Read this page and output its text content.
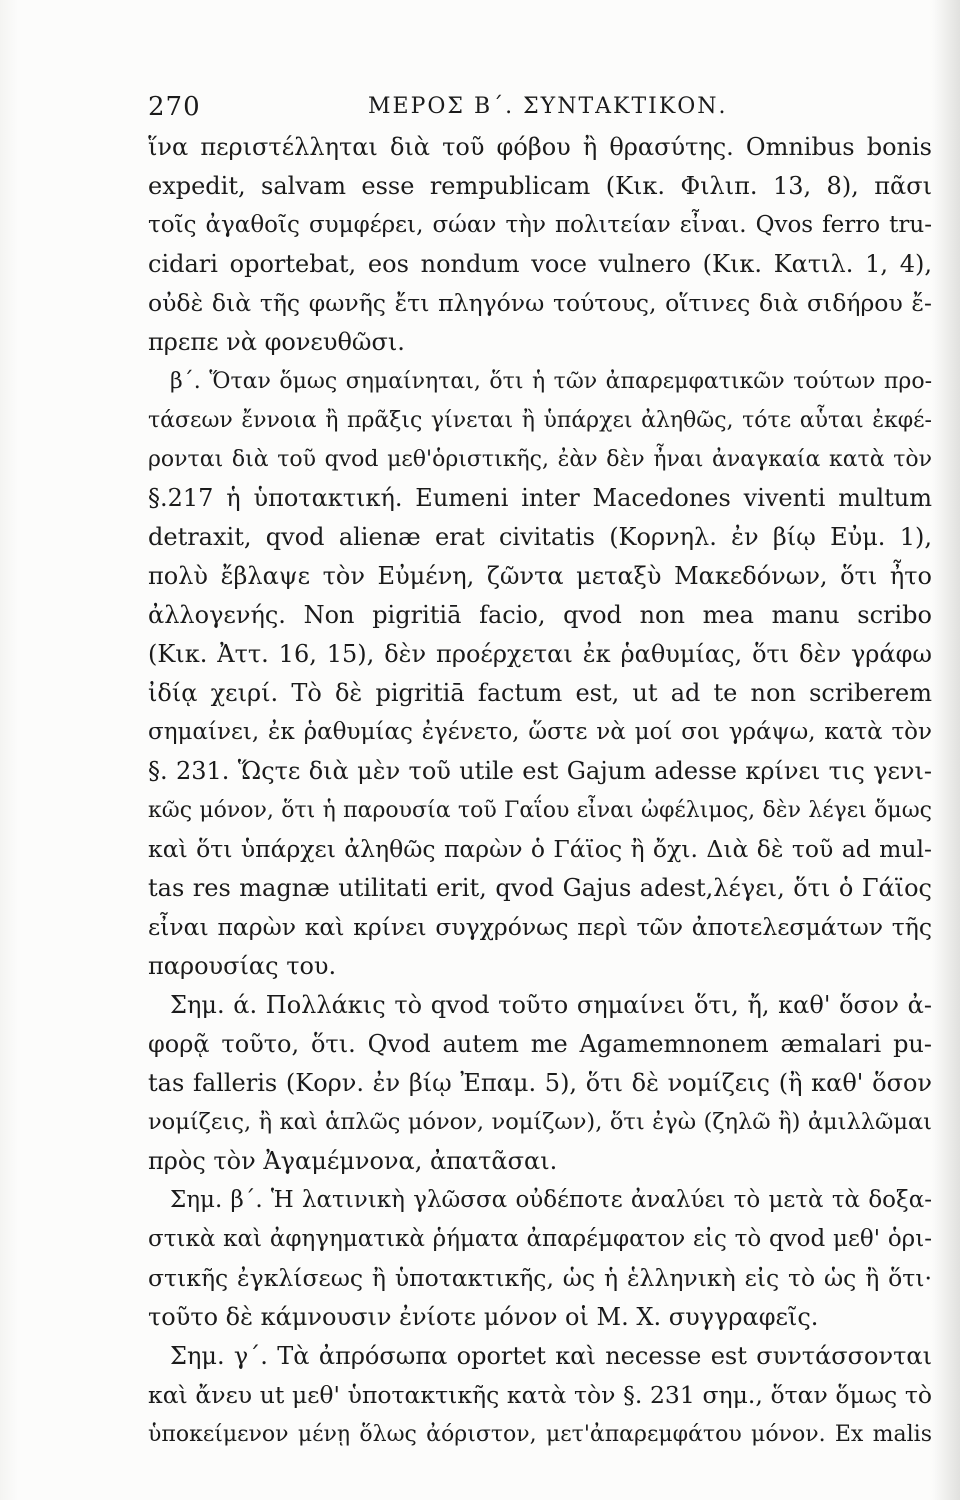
270	ΜΕΡΟΣ Β΄. ΣΥΝΤΑΚΤΙΚΟΝ.
ἵνα περιστέλληται διὰ τοῦ φόβου ἢ θρασύτης. Omnibus bonis
expedit, salvam esse rempublicam (Κικ. Φιλιπ. 13, 8), πᾶσι
τοῖς ἀγαθοῖς συμφέρει, σώαν τὴν πολιτείαν εἶναι. Qvos ferro tru-
cidari oportebat, eos nondum voce vulnero (Κικ. Κατιλ. 1, 4),
οὐδὲ διὰ τῆς φωνῆς ἔτι πληγόνω τούτους, οἵτινες διὰ σιδήρου ἔ-
πρεπε νὰ φονευθῶσι.
β΄. Ὅταν ὅμως σημαίνηται, ὅτι ἡ τῶν ἀπαρεμφατικῶν τούτων προ-
τάσεων ἔννοια ἢ πρᾶξις γίνεται ἢ ὑπάρχει ἀληθῶς, τότε αὗται ἐκφέ-
ρονται διὰ τοῦ qvod μεθ'ὁριστικῆς, ἐὰν δὲν ἦναι ἀναγκαία κατὰ τὸν
§.217 ἡ ὑποτακτική. Eumeni inter Macedones viventi multum
detraxit, qvod alienæ erat civitatis (Κορνηλ. ἐν βίῳ Εὐμ. 1),
πολὺ ἔβλαψε τὸν Εὐμένη, ζῶντα μεταξὺ Μακεδόνων, ὅτι ἦτο
ἀλλογενής. Non pigritiā facio, qvod non mea manu scribo
(Κικ. Ἀττ. 16, 15), δὲν προέρχεται ἐκ ῥαθυμίας, ὅτι δὲν γράφω
ἰδίᾳ χειρί. Τὸ δὲ pigritiā factum est, ut ad te non scriberem
σημαίνει, ἐκ ῥαθυμίας ἐγένετο, ὥστε νὰ μοί σοι γράψω, κατὰ τὸν
§. 231. Ὥςτε διὰ μὲν τοῦ utile est Gajum adesse κρίνει τις γενι-
κῶς μόνον, ὅτι ἡ παρουσία τοῦ Γαΐου εἶναι ὠφέλιμος, δὲν λέγει ὅμως
καὶ ὅτι ὑπάρχει ἀληθῶς παρὼν ὁ Γάϊος ἢ ὄχι. Διὰ δὲ τοῦ ad mul-
tas res magnæ utilitati erit, qvod Gajus adest,λέγει, ὅτι ὁ Γάϊος
εἶναι παρὼν καὶ κρίνει συγχρόνως περὶ τῶν ἀποτελεσμάτων τῆς
παρουσίας του.
Σημ. ά. Πολλάκις τὸ qvod τοῦτο σημαίνει ὅτι, ἤ, καθ' ὅσον ἀ-
φορᾷ τοῦτο, ὅτι. Qvod autem me Agamemnonem æmalari pu-
tas falleris (Κορν. ἐν βίῳ Ἐπαμ. 5), ὅτι δὲ νομίζεις (ἢ καθ' ὅσον
νομίζεις, ἢ καὶ ἁπλῶς μόνον, νομίζων), ὅτι ἐγὼ (ζηλῶ ἢ) ἀμιλλῶμαι
πρὸς τὸν Ἀγαμέμνονα, ἀπατᾶσαι.
Σημ. β΄. Ἡ λατινικὴ γλῶσσα οὐδέποτε ἀναλύει τὸ μετὰ τὰ δοξα-
στικὰ καὶ ἀφηγηματικὰ ῥήματα ἀπαρέμφατον εἰς τὸ qvod μεθ' ὁρι-
στικῆς ἐγκλίσεως ἢ ὑποτακτικῆς, ὡς ἡ ἑλληνικὴ εἰς τὸ ὡς ἢ ὅτι·
τοῦτο δὲ κάμνουσιν ἐνίοτε μόνον οἱ Μ. Χ. συγγραφεῖς.
Σημ. γ΄. Τὰ ἀπρόσωπα oportet καὶ necesse est συντάσσονται
καὶ ἄνευ ut μεθ' ὑποτακτικῆς κατὰ τὸν §. 231 σημ., ὅταν ὅμως τὸ
ὑποκείμενον μένῃ ὅλως ἀόριστον, μετ'ἀπαρεμφάτου μόνον. Ex malis
